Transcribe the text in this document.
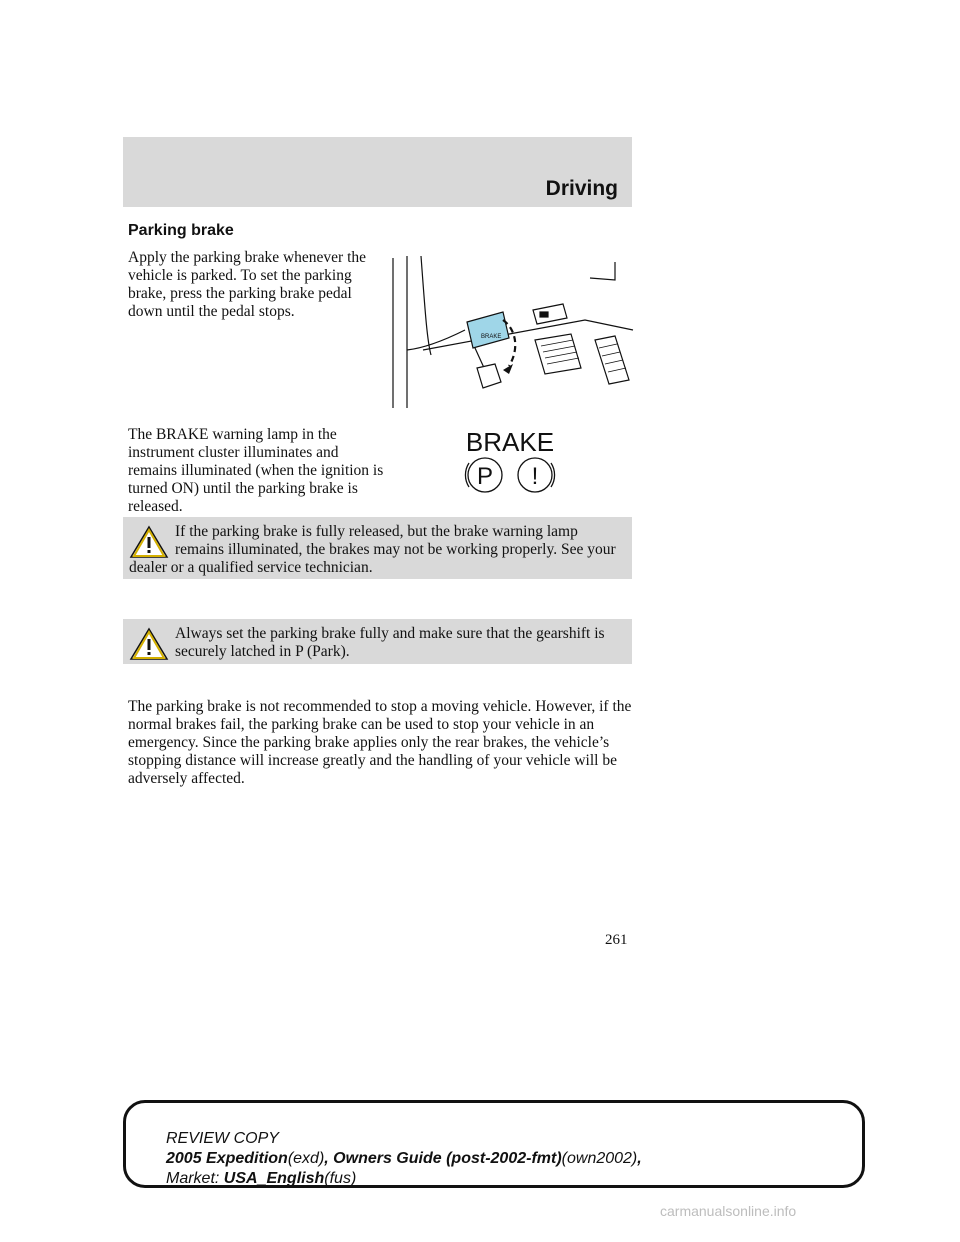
Driving
Parking brake

Apply the parking brake whenever the vehicle is parked. To set the parking brake, press the parking brake pedal down until the pedal stops.

BRAKE

The BRAKE warning lamp in the instrument cluster illuminates and remains illuminated (when the ignition is turned ON) until the parking brake is released.

BRAKE
P !

If the parking brake is fully released, but the brake warning lamp remains illuminated, the brakes may not be working properly. See your dealer or a qualified service technician.

Always set the parking brake fully and make sure that the gearshift is securely latched in P (Park).

The parking brake is not recommended to stop a moving vehicle. However, if the normal brakes fail, the parking brake can be used to stop your vehicle in an emergency. Since the parking brake applies only the rear brakes, the vehicle’s stopping distance will increase greatly and the handling of your vehicle will be adversely affected.

261
REVIEW COPY
2005 Expedition(exd), Owners Guide (post-2002-fmt)(own2002),
Market: USA_English(fus)
carmanualsonline.info
